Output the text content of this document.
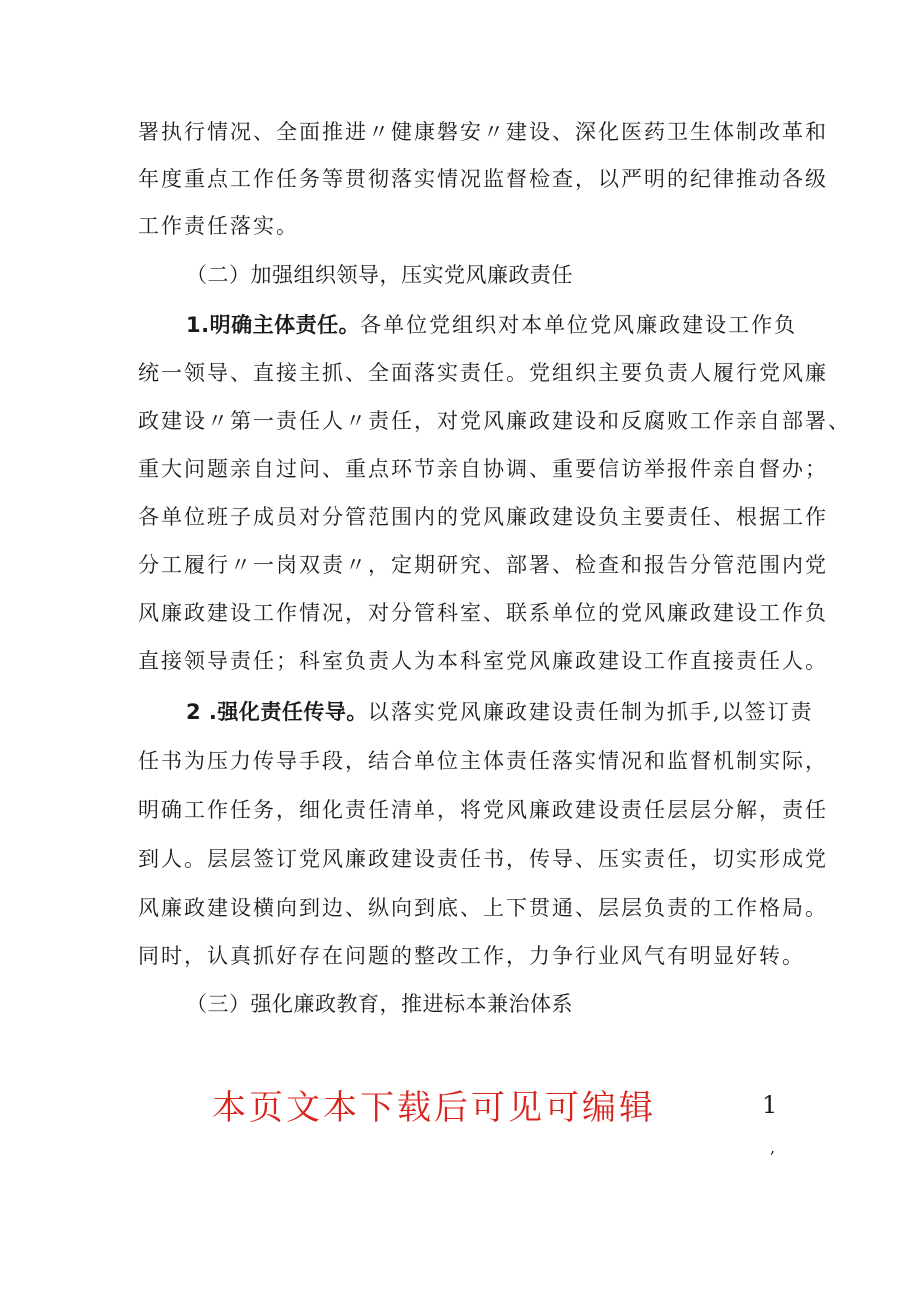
署执行情况、全面推进〃健康磐安〃建设、深化医药卫生体制改革和
年度重点工作任务等贯彻落实情况监督检查，以严明的纪律推动各级
工作责任落实。
（二）加强组织领导，压实党风廉政责任
1.明确主体责任。各单位党组织对本单位党风廉政建设工作负
统一领导、直接主抓、全面落实责任。党组织主要负责人履行党风廉
政建设〃第一责任人〃责任，对党风廉政建设和反腐败工作亲自部署、
重大问题亲自过问、重点环节亲自协调、重要信访举报件亲自督办；
各单位班子成员对分管范围内的党风廉政建设负主要责任、根据工作
分工履行〃一岗双责〃，定期研究、部署、检查和报告分管范围内党
风廉政建设工作情况，对分管科室、联系单位的党风廉政建设工作负
直接领导责任；科室负责人为本科室党风廉政建设工作直接责任人。
2 .强化责任传导。以落实党风廉政建设责任制为抓手,以签订责
任书为压力传导手段，结合单位主体责任落实情况和监督机制实际，
明确工作任务，细化责任清单，将党风廉政建设责任层层分解，责任
到人。层层签订党风廉政建设责任书，传导、压实责任，切实形成党
风廉政建设横向到边、纵向到底、上下贯通、层层负责的工作格局。
同时，认真抓好存在问题的整改工作，力争行业风气有明显好转。
（三）强化廉政教育，推进标本兼治体系
本页文本下载后可见可编辑	1
,
